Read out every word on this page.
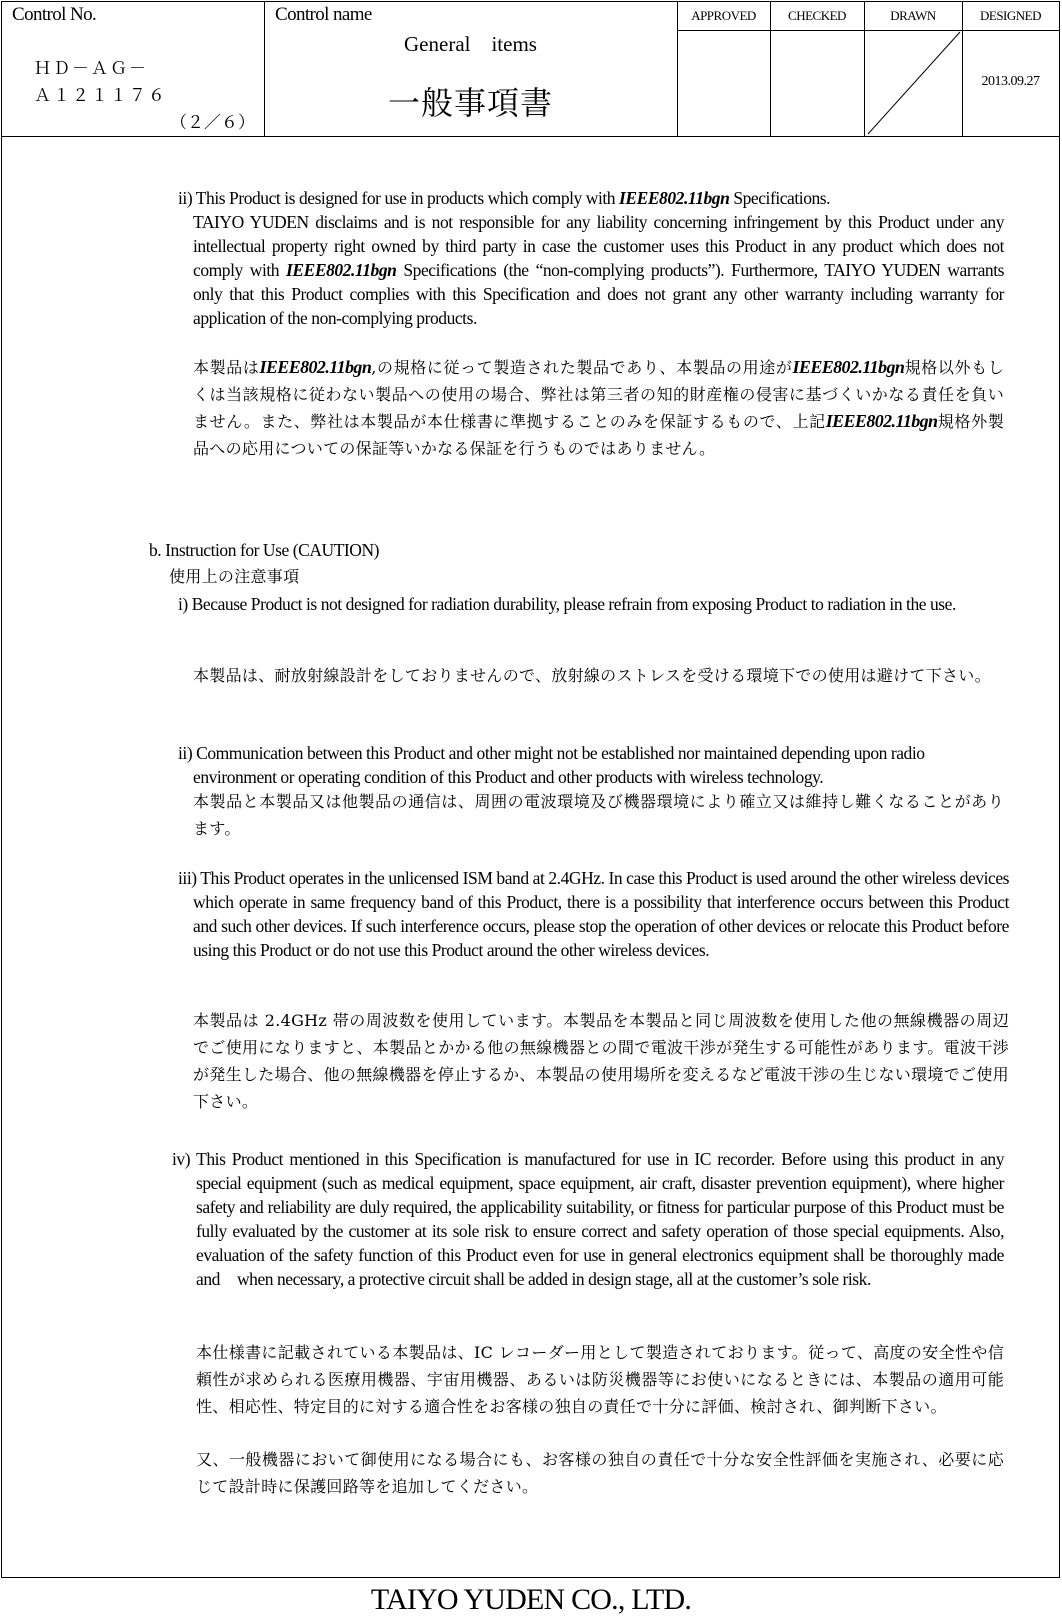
Control No.
ＨＤ－ＡＧ－
Ａ１２１１７６
（２／６）
Control name
General　items
一般事項書
APPROVED	CHECKED	DRAWN	DESIGNED
2013.09.27
ii) This Product is designed for use in products which comply with IEEE802.11bgn Specifications.
TAIYO YUDEN disclaims and is not responsible for any liability concerning infringement by this Product under any intellectual property right owned by third party in case the customer uses this Product in any product which does not comply with IEEE802.11bgn Specifications (the “non-complying products”). Furthermore, TAIYO YUDEN warrants only that this Product complies with this Specification and does not grant any other warranty including warranty for application of the non-complying products.
本製品はIEEE802.11bgn,の規格に従って製造された製品であり、本製品の用途がIEEE802.11bgn規格以外もしくは当該規格に従わない製品への使用の場合、弊社は第三者の知的財産権の侵害に基づくいかなる責任を負いません。また、弊社は本製品が本仕様書に準拠することのみを保証するもので、上記IEEE802.11bgn規格外製品への応用についての保証等いかなる保証を行うものではありません。
b. Instruction for Use (CAUTION)
使用上の注意事項
i) Because Product is not designed for radiation durability, please refrain from exposing Product to radiation in the use.
本製品は、耐放射線設計をしておりませんので、放射線のストレスを受ける環境下での使用は避けて下さい。
ii) Communication between this Product and other might not be established nor maintained depending upon radio environment or operating condition of this Product and other products with wireless technology.
本製品と本製品又は他製品の通信は、周囲の電波環境及び機器環境により確立又は維持し難くなることがあります。
iii) This Product operates in the unlicensed ISM band at 2.4GHz. In case this Product is used around the other wireless devices which operate in same frequency band of this Product, there is a possibility that interference occurs between this Product and such other devices. If such interference occurs, please stop the operation of other devices or relocate this Product before using this Product or do not use this Product around the other wireless devices.
本製品は 2.4GHz 帯の周波数を使用しています。本製品を本製品と同じ周波数を使用した他の無線機器の周辺でご使用になりますと、本製品とかかる他の無線機器との間で電波干渉が発生する可能性があります。電波干渉が発生した場合、他の無線機器を停止するか、本製品の使用場所を変えるなど電波干渉の生じない環境でご使用下さい。
iv) This Product mentioned in this Specification is manufactured for use in IC recorder. Before using this product in any special equipment (such as medical equipment, space equipment, air craft, disaster prevention equipment), where higher safety and reliability are duly required, the applicability suitability, or fitness for particular purpose of this Product must be fully evaluated by the customer at its sole risk to ensure correct and safety operation of those special equipments. Also, evaluation of the safety function of this Product even for use in general electronics equipment shall be thoroughly made and　when necessary, a protective circuit shall be added in design stage, all at the customer’s sole risk.
本仕様書に記載されている本製品は、IC レコーダー用として製造されております。従って、高度の安全性や信頼性が求められる医療用機器、宇宙用機器、あるいは防災機器等にお使いになるときには、本製品の適用可能性、相応性、特定目的に対する適合性をお客様の独自の責任で十分に評価、検討され、御判断下さい。
又、一般機器において御使用になる場合にも、お客様の独自の責任で十分な安全性評価を実施され、必要に応じて設計時に保護回路等を追加してください。
TAIYO YUDEN CO., LTD.
